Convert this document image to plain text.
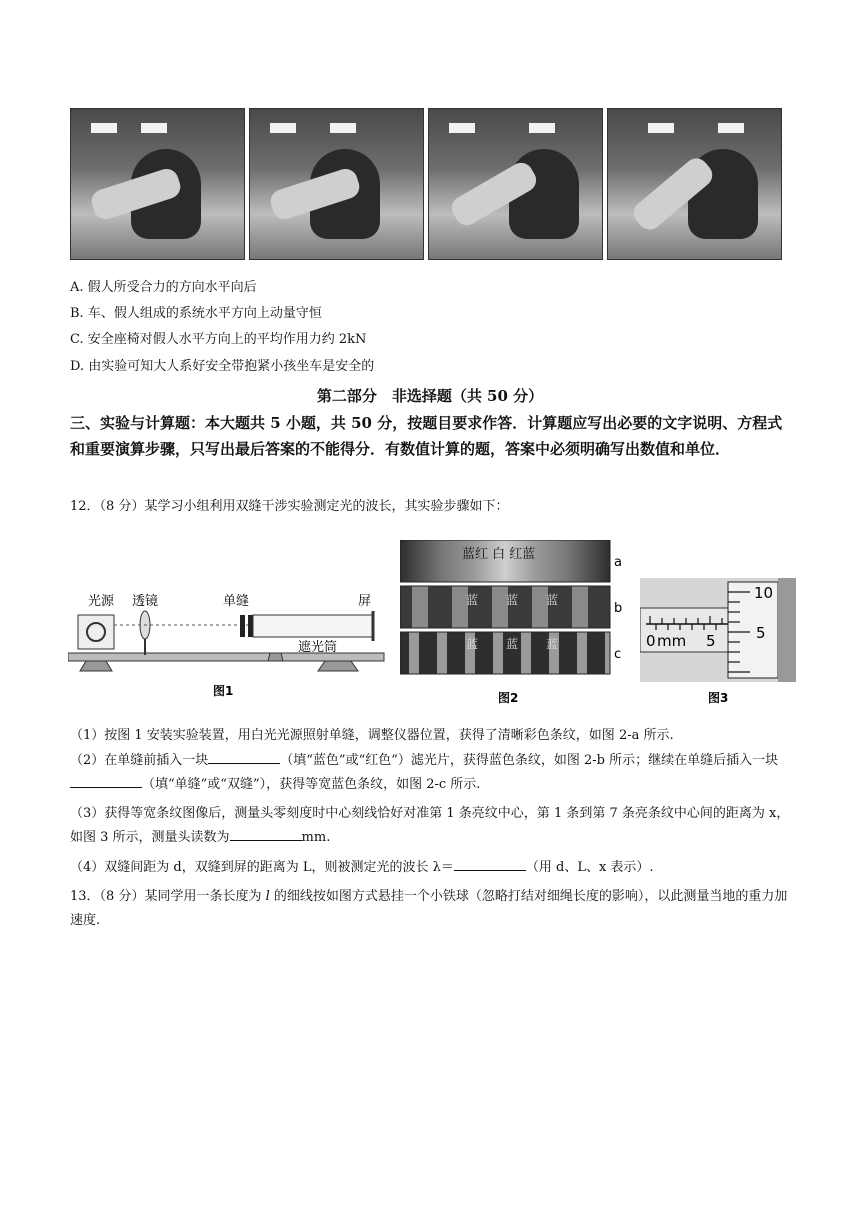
A. 假人所受合力的方向水平向后
B. 车、假人组成的系统水平方向上动量守恒
C. 安全座椅对假人水平方向上的平均作用力约 2kN
D. 由实验可知大人系好安全带抱紧小孩坐车是安全的
第二部分　非选择题（共 50 分）
三、实验与计算题：本大题共 5 小题，共 50 分，按题目要求作答．计算题应写出必要的文字说明、方程式和重要演算步骤，只写出最后答案的不能得分．有数值计算的题，答案中必须明确写出数值和单位．
12．（8 分）某学习小组利用双缝干涉实验测定光的波长，其实验步骤如下：
光源 透镜	单缝	屏
遮光筒
图1
蓝红 白 红蓝
蓝 蓝 蓝
蓝 蓝 蓝
a
b
c
图2
10
5
0 mm 5
图3
（1）按图 1 安装实验装置，用白光光源照射单缝，调整仪器位置，获得了清晰彩色条纹，如图 2-a 所示.
（2）在单缝前插入一块	（填“蓝色”或“红色”）滤光片，获得蓝色条纹，如图 2-b 所示；继续在单缝后插入一块（填“单缝”或“双缝”），获得等宽蓝色条纹，如图 2-c 所示.
（3）获得等宽条纹图像后，测量头零刻度时中心刻线恰好对准第 1 条亮纹中心，第 1 条到第 7 条亮条纹中心间的距离为 x，如图 3 所示，测量头读数为	mm.
（4）双缝间距为 d，双缝到屏的距离为 L，则被测定光的波长 λ＝	（用 d、L、x 表示）.
13．（8 分）某同学用一条长度为 l 的细线按如图方式悬挂一个小铁球（忽略打结对细绳长度的影响），以此测量当地的重力加速度.
